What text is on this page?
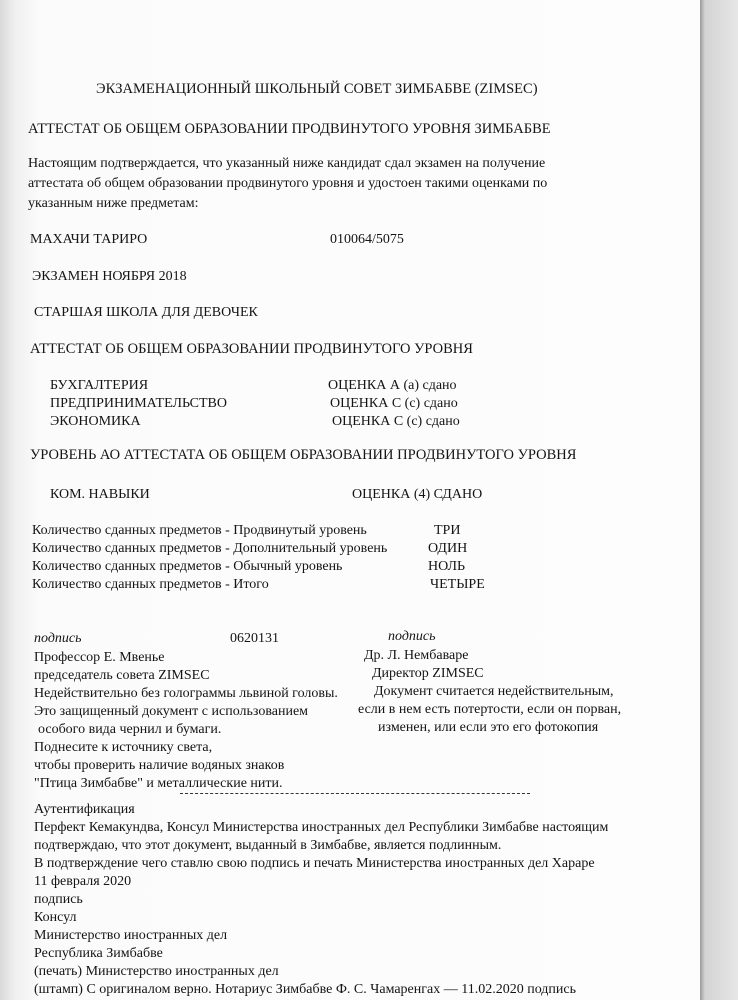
ЭКЗАМЕНАЦИОННЫЙ ШКОЛЬНЫЙ СОВЕТ ЗИМБАБВЕ (ZIMSEC)
АТТЕСТАТ ОБ ОБЩЕМ ОБРАЗОВАНИИ ПРОДВИНУТОГО УРОВНЯ ЗИМБАБВЕ
Настоящим подтверждается, что указанный ниже кандидат сдал экзамен на получение
аттестата об общем образовании продвинутого уровня и удостоен такими оценками по
указанным ниже предметам:
МАХАЧИ ТАРИРО	010064/5075
ЭКЗАМЕН НОЯБРЯ 2018
СТАРШАЯ ШКОЛА ДЛЯ ДЕВОЧЕК
АТТЕСТАТ ОБ ОБЩЕМ ОБРАЗОВАНИИ ПРОДВИНУТОГО УРОВНЯ
БУХГАЛТЕРИЯ	ОЦЕНКА А (а) сдано
ПРЕДПРИНИМАТЕЛЬСТВО	ОЦЕНКА С (с) сдано
ЭКОНОМИКА	ОЦЕНКА С (с) сдано
УРОВЕНЬ АО АТТЕСТАТА ОБ ОБЩЕМ ОБРАЗОВАНИИ ПРОДВИНУТОГО УРОВНЯ
КОМ. НАВЫКИ	ОЦЕНКА (4) СДАНО
Количество сданных предметов - Продвинутый уровень	ТРИ
Количество сданных предметов - Дополнительный уровень	ОДИН
Количество сданных предметов - Обычный уровень	НОЛЬ
Количество сданных предметов - Итого	ЧЕТЫРЕ
подпись	0620131	подпись
Профессор Е. Мвенье	Др. Л. Нембаваре
председатель совета ZIMSEC	Директор ZIMSEC
Недействительно без голограммы львиной головы.
Это защищенный документ с использованием
особого вида чернил и бумаги.
Поднесите к источнику света,
чтобы проверить наличие водяных знаков
"Птица Зимбабве" и металлические нити.
Документ считается недействительным,
если в нем есть потертости, если он порван,
изменен, или если это его фотокопия
Аутентификация
Перфект Кемакундва, Консул Министерства иностранных дел Республики Зимбабве настоящим
подтверждаю, что этот документ, выданный в Зимбабве, является подлинным.
В подтверждение чего ставлю свою подпись и печать Министерства иностранных дел Хараре
11 февраля 2020
подпись
Консул
Министерство иностранных дел
Республика Зимбабве
(печать) Министерство иностранных дел
(штамп) С оригиналом верно. Нотариус Зимбабве Ф. С. Чамаренгах — 11.02.2020 подпись
